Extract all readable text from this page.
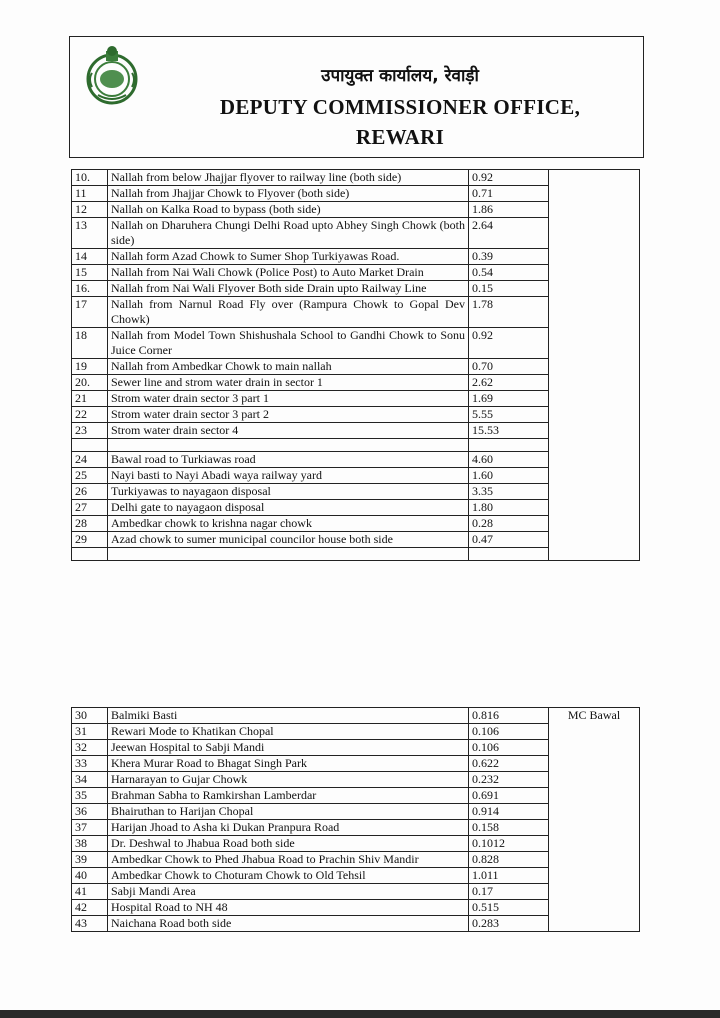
उपायुक्त कार्यालय, रेवाड़ी
DEPUTY COMMISSIONER OFFICE,
REWARI
10.	Nallah from below Jhajjar flyover to railway line (both side)	0.92	
11	Nallah from Jhajjar Chowk to Flyover (both side)	0.71	
12	Nallah on Kalka Road to bypass (both side)	1.86	
13	Nallah on Dharuhera Chungi Delhi Road upto Abhey Singh Chowk (both side)	2.64	
14	Nallah form Azad Chowk to Sumer Shop Turkiyawas Road.	0.39	
15	Nallah from Nai Wali Chowk (Police Post) to Auto Market Drain	0.54	
16.	Nallah from Nai Wali Flyover Both side Drain upto Railway Line	0.15	
17	Nallah from Narnul Road Fly over (Rampura Chowk to Gopal Dev Chowk)	1.78	
18	Nallah from Model Town Shishushala School to Gandhi Chowk to Sonu Juice Corner	0.92	
19	Nallah from Ambedkar Chowk to main nallah	0.70	
20.	Sewer line and strom water drain in sector 1	2.62	
21	Strom water drain sector 3 part 1	1.69	
22	Strom water drain sector 3 part 2	5.55	
23	Strom water drain sector 4	15.53	

24	Bawal road to Turkiawas road	4.60	
25	Nayi basti to Nayi Abadi waya railway yard	1.60	
26	Turkiyawas to nayagaon disposal	3.35	
27	Delhi gate to nayagaon disposal	1.80	
28	Ambedkar chowk to krishna nagar chowk	0.28	
29	Azad chowk to sumer municipal councilor house both side	0.47	

30	Balmiki Basti	0.816	MC Bawal
31	Rewari Mode to Khatikan Chopal	0.106	
32	Jeewan Hospital to Sabji Mandi	0.106	
33	Khera Murar Road to Bhagat Singh Park	0.622	
34	Harnarayan to Gujar Chowk	0.232	
35	Brahman Sabha to Ramkirshan Lamberdar	0.691	
36	Bhairuthan to Harijan Chopal	0.914	
37	Harijan Jhoad to Asha ki Dukan Pranpura Road	0.158	
38	Dr. Deshwal to Jhabua Road both side	0.1012	
39	Ambedkar Chowk to Phed Jhabua Road to Prachin Shiv Mandir	0.828	
40	Ambedkar Chowk to Choturam Chowk to Old Tehsil	1.011	
41	Sabji Mandi Area	0.17	
42	Hospital Road to NH 48	0.515	
43	Naichana Road both side	0.283	
